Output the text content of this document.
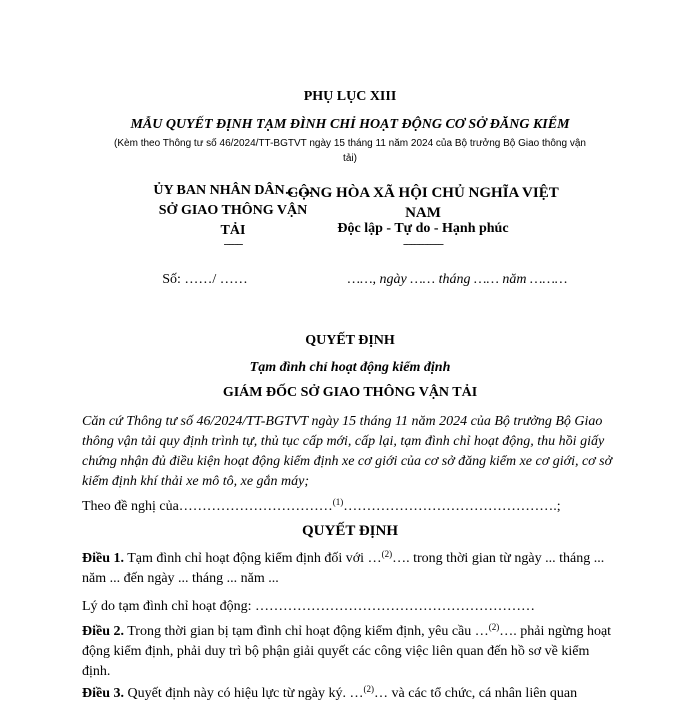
PHỤ LỤC XIII
MẪU QUYẾT ĐỊNH TẠM ĐÌNH CHỈ HOẠT ĐỘNG CƠ SỞ ĐĂNG KIỂM
(Kèm theo Thông tư số 46/2024/TT-BGTVT ngày 15 tháng 11 năm 2024 của Bộ trưởng Bộ Giao thông vận
tải)
ỦY BAN NHÂN DÂN……
SỞ GIAO THÔNG VẬN
TẢI
-------
Số: ……/ ……
CỘNG HÒA XÃ HỘI CHỦ NGHĨA VIỆT
NAM
Độc lập - Tự do - Hạnh phúc
---------------
……, ngày …… tháng …… năm ………
QUYẾT ĐỊNH
Tạm đình chỉ hoạt động kiểm định
GIÁM ĐỐC SỞ GIAO THÔNG VẬN TẢI
Căn cứ Thông tư số 46/2024/TT-BGTVT ngày 15 tháng 11 năm 2024 của Bộ trưởng Bộ Giao thông vận tải quy định trình tự, thủ tục cấp mới, cấp lại, tạm đình chỉ hoạt động, thu hồi giấy chứng nhận đủ điều kiện hoạt động kiểm định xe cơ giới của cơ sở đăng kiểm xe cơ giới, cơ sở kiểm định khí thải xe mô tô, xe gắn máy;
Theo đề nghị của……………………………$^{(1)}$……………………………………….;
QUYẾT ĐỊNH
Điều 1. Tạm đình chỉ hoạt động kiểm định đối với …$^{(2)}$…. trong thời gian từ ngày ... tháng ... năm ... đến ngày ... tháng ... năm ...
Lý do tạm đình chỉ hoạt động: ……………………………………………………
Điều 2. Trong thời gian bị tạm đình chỉ hoạt động kiểm định, yêu cầu …$^{(2)}$…. phải ngừng hoạt động kiểm định, phải duy trì bộ phận giải quyết các công việc liên quan đến hồ sơ về kiểm định.
Điều 3. Quyết định này có hiệu lực từ ngày ký. …$^{(2)}$… và các tổ chức, cá nhân liên quan
